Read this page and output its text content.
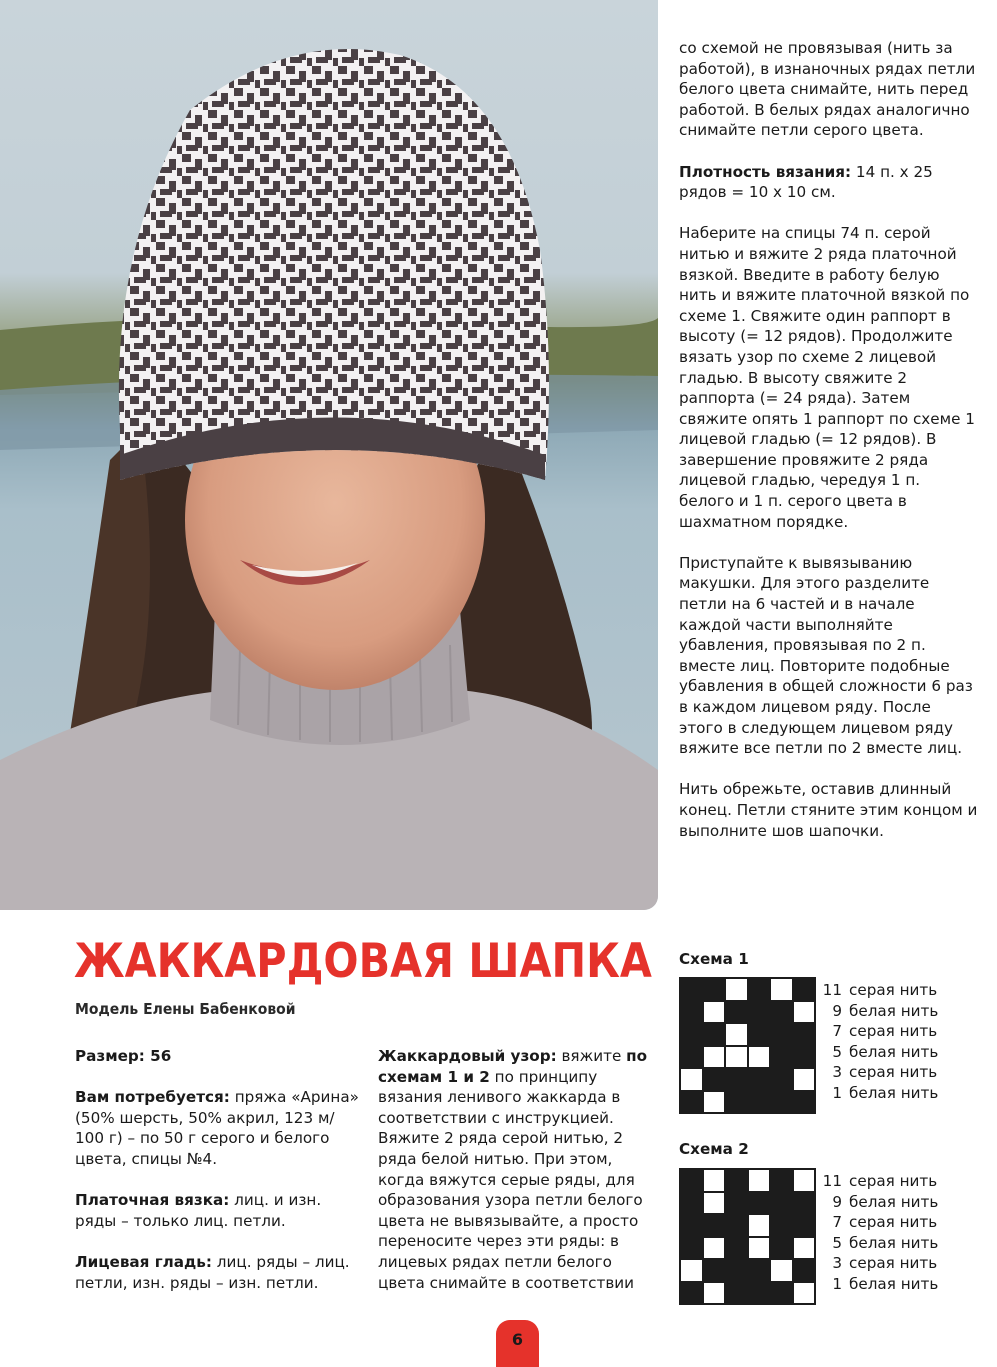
со схемой не провязывая (нить за работой), в изнаночных рядах петли белого цвета снимайте, нить перед работой. В белых рядах аналогично снимайте петли серого цвета.

Плотность вязания: 14 п. х 25 рядов = 10 х 10 см.

Наберите на спицы 74 п. серой нитью и вяжите 2 ряда платочной вязкой. Введите в работу белую нить и вяжите платочной вязкой по схеме 1. Свяжите один раппорт в высоту (= 12 рядов). Продолжите вязать узор по схеме 2 лицевой гладью. В высоту свяжите 2 раппорта (= 24 ряда). Затем свяжите опять 1 раппорт по схеме 1 лицевой гладью (= 12 рядов). В завершение провяжите 2 ряда лицевой гладью, чередуя 1 п. белого и 1 п. серого цвета в шахматном порядке.

Приступайте к вывязыванию макушки. Для этого разделите петли на 6 частей и в начале каждой части выполняйте убавления, провязывая по 2 п. вместе лиц. Повторите подобные убавления в общей сложности 6 раз в каждом лицевом ряду. После этого в следующем лицевом ряду вяжите все петли по 2 вместе лиц.

Нить обрежьте, оставив длинный конец. Петли стяните этим концом и выполните шов шапочки.

ЖАККАРДОВАЯ ШАПКА
Модель Елены Бабенковой

Размер: 56

Вам потребуется: пряжа «Арина» (50% шерсть, 50% акрил, 123 м/ 100 г) – по 50 г серого и белого цвета, спицы №4.

Платочная вязка: лиц. и изн. ряды – только лиц. петли.

Лицевая гладь: лиц. ряды – лиц. петли, изн. ряды – изн. петли.

Жаккардовый узор: вяжите по схемам 1 и 2 по принципу вязания ленивого жаккарда в соответствии с инструкцией. Вяжите 2 ряда серой нитью, 2 ряда белой нитью. При этом, когда вяжутся серые ряды, для образования узора петли белого цвета не вывязывайте, а просто переносите через эти ряды: в лицевых рядах петли белого цвета снимайте в соответствии

Схема 1
11 серая нить
9 белая нить
7 серая нить
5 белая нить
3 серая нить
1 белая нить
Схема 2
11 серая нить
9 белая нить
7 серая нить
5 белая нить
3 серая нить
1 белая нить
6
